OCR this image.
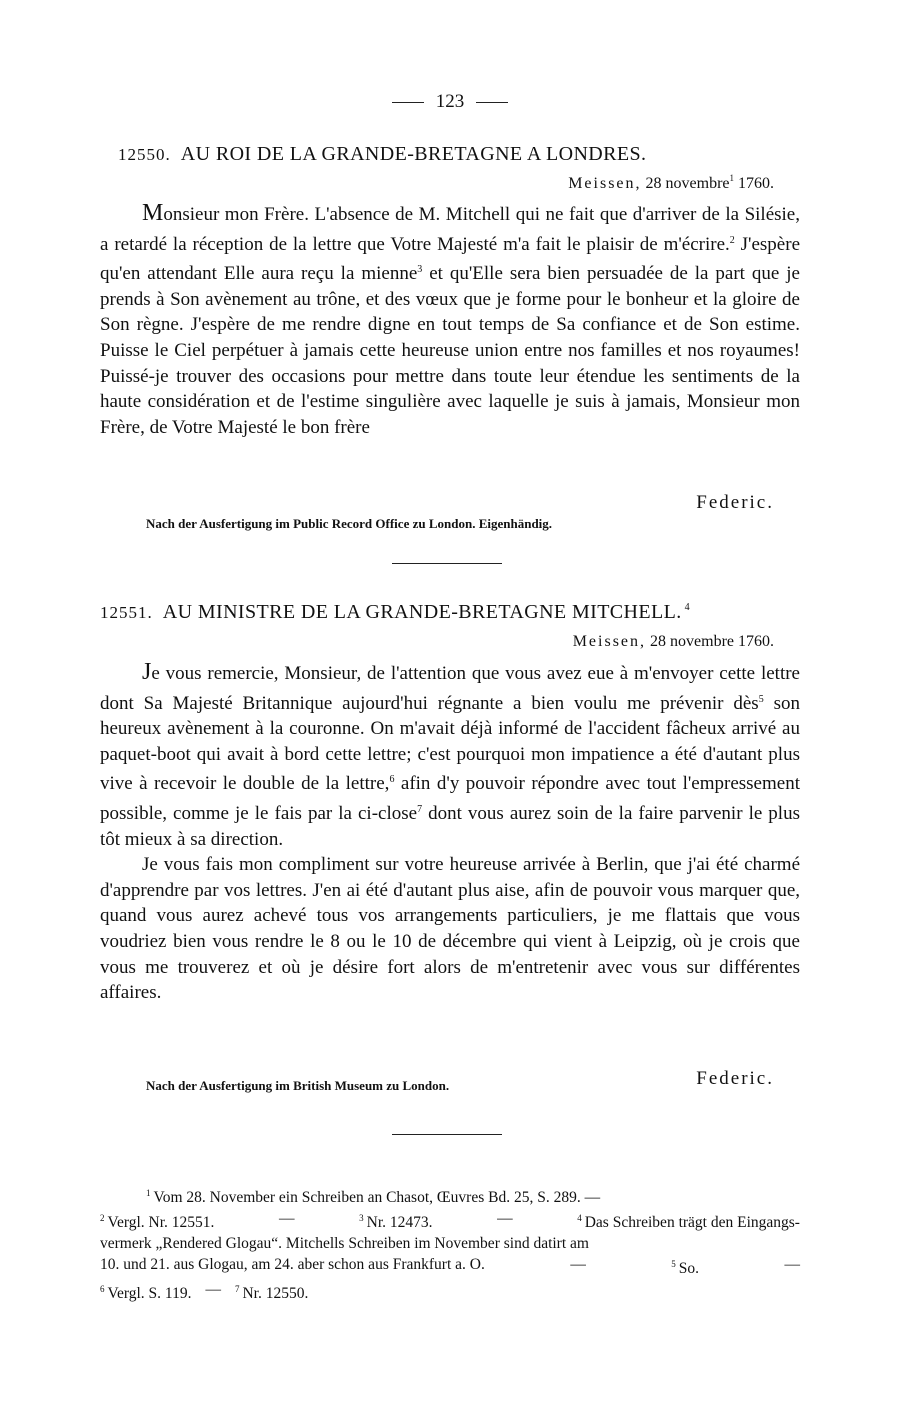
123
12550. AU ROI DE LA GRANDE-BRETAGNE A LONDRES.
Meissen, 28 novembre$^1$ 1760.

Monsieur mon Frère. L'absence de M. Mitchell qui ne fait que d'arriver de la Silésie, a retardé la réception de la lettre que Votre Majesté m'a fait le plaisir de m'écrire.$^2$ J'espère qu'en attendant Elle aura reçu la mienne$^3$ et qu'Elle sera bien persuadée de la part que je prends à Son avènement au trône, et des vœux que je forme pour le bonheur et la gloire de Son règne. J'espère de me rendre digne en tout temps de Sa confiance et de Son estime. Puisse le Ciel perpétuer à jamais cette heureuse union entre nos familles et nos royaumes! Puissé-je trouver des occasions pour mettre dans toute leur étendue les sentiments de la haute considération et de l'estime singulière avec laquelle je suis à jamais, Monsieur mon Frère, de Votre Majesté le bon frère

Federic.
Nach der Ausfertigung im Public Record Office zu London. Eigenhändig.
12551. AU MINISTRE DE LA GRANDE-BRETAGNE MITCHELL. $^4$
Meissen, 28 novembre 1760.

Je vous remercie, Monsieur, de l'attention que vous avez eue à m'envoyer cette lettre dont Sa Majesté Britannique aujourd'hui régnante a bien voulu me prévenir dès$^5$ son heureux avènement à la couronne. On m'avait déjà informé de l'accident fâcheux arrivé au paquet-boot qui avait à bord cette lettre; c'est pourquoi mon impatience a été d'autant plus vive à recevoir le double de la lettre,$^6$ afin d'y pouvoir répondre avec tout l'empressement possible, comme je le fais par la ci-close$^7$ dont vous aurez soin de la faire parvenir le plus tôt mieux à sa direction.

Je vous fais mon compliment sur votre heureuse arrivée à Berlin, que j'ai été charmé d'apprendre par vos lettres. J'en ai été d'autant plus aise, afin de pouvoir vous marquer que, quand vous aurez achevé tous vos arrangements particuliers, je me flattais que vous voudriez bien vous rendre le 8 ou le 10 de décembre qui vient à Leipzig, où je crois que vous me trouverez et où je désire fort alors de m'entretenir avec vous sur différentes affaires.

Federic.
Nach der Ausfertigung im British Museum zu London.
$^1$ Vom 28. November ein Schreiben an Chasot, Œuvres Bd. 25, S. 289. —
$^2$ Vergl. Nr. 12551.	—	$^3$ Nr. 12473.	—	$^4$ Das Schreiben trägt den Eingangs-
vermerk „Rendered Glogau“. Mitchells Schreiben im November sind datirt am
10. und 21. aus Glogau, am 24. aber schon aus Frankfurt a. O.	—	$^5$ So.	—
$^6$ Vergl. S. 119. — $^7$ Nr. 12550.
